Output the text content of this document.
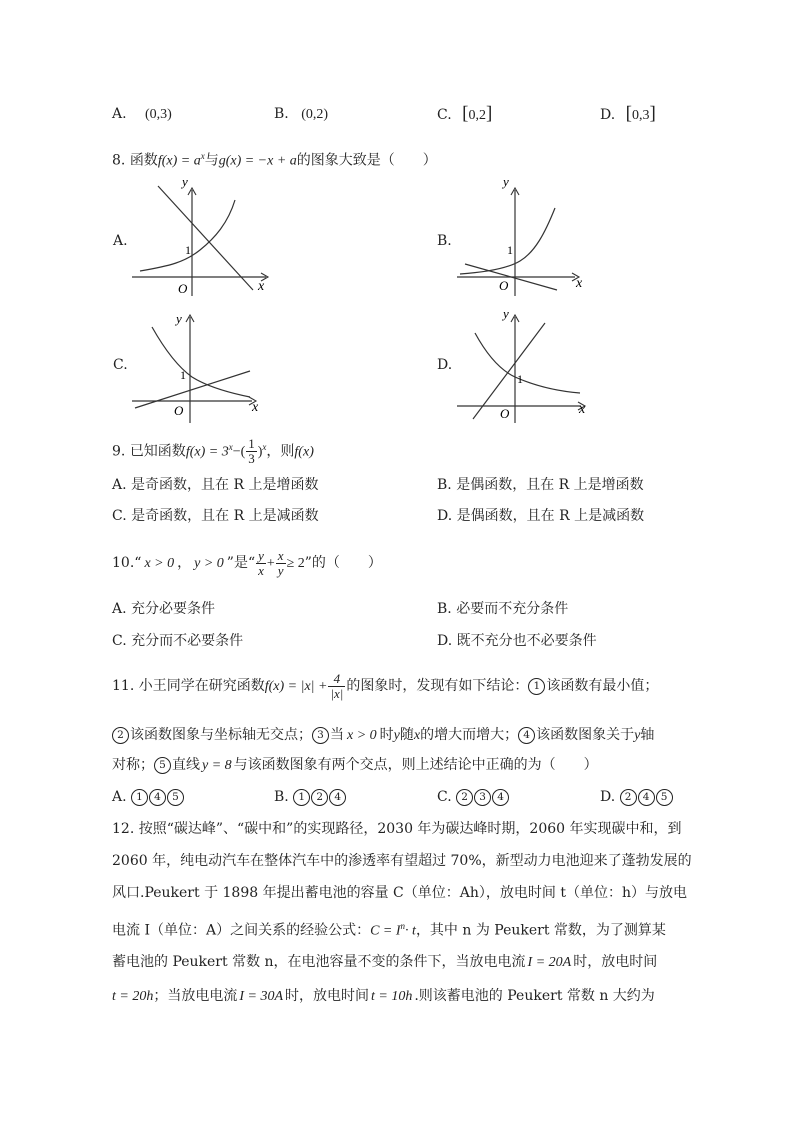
A. (0,3)	B. (0,2)	C. [0,2]	D. [0,3]
8. 函数$f(x) = a^x$与g(x) = −x + a的图象大致是（　　）
A.	B.
C.	D.
y
x
O
1
y
x
O
1
y
x
O
1
y
x
O
1
9. 已知函数$f(x) = 3^x-( \frac{1}{3} )^x$，则f(x)
A. 是奇函数，且在 R 上是增函数	B. 是偶函数，且在 R 上是增函数
C. 是奇函数，且在 R 上是减函数	D. 是偶函数，且在 R 上是减函数
10.“ x > 0 ， y > 0 ”是“ $\frac{y}{x} + \frac{x}{y} \ge 2$”的（　　）
A. 充分必要条件	B. 必要而不充分条件
C. 充分而不必要条件	D. 既不充分也不必要条件
11. 小王同学在研究函数$f(x) = |x| + \frac{4}{|x|}$ 的图象时，发现有如下结论： 1 该函数有最小值；
2 该函数图象与坐标轴无交点； 3 当 x > 0 时y随x的增大而增大； 4 该函数图象关于y轴
对称； 5 直线 y = 8 与该函数图象有两个交点，则上述结论中正确的为（　　）
A. 1 4 5	B. 1 2 4	C. 2 3 4	D. 2 4 5
12. 按照“碳达峰”、“碳中和”的实现路径，2030 年为碳达峰时期，2060 年实现碳中和，到
2060 年，纯电动汽车在整体汽车中的渗透率有望超过 70%，新型动力电池迎来了蓬勃发展的
风口.Peukert 于 1898 年提出蓄电池的容量 C（单位：Ah），放电时间 t（单位：h）与放电
电流 I（单位：A）之间关系的经验公式：$C = I^n\cdot t$，其中 n 为 Peukert 常数，为了测算某
蓄电池的 Peukert 常数 n，在电池容量不变的条件下，当放电电流 I = 20A 时，放电时间
t = 20h；当放电电流 I = 30A 时，放电时间 t = 10h .则该蓄电池的 Peukert 常数 n 大约为
